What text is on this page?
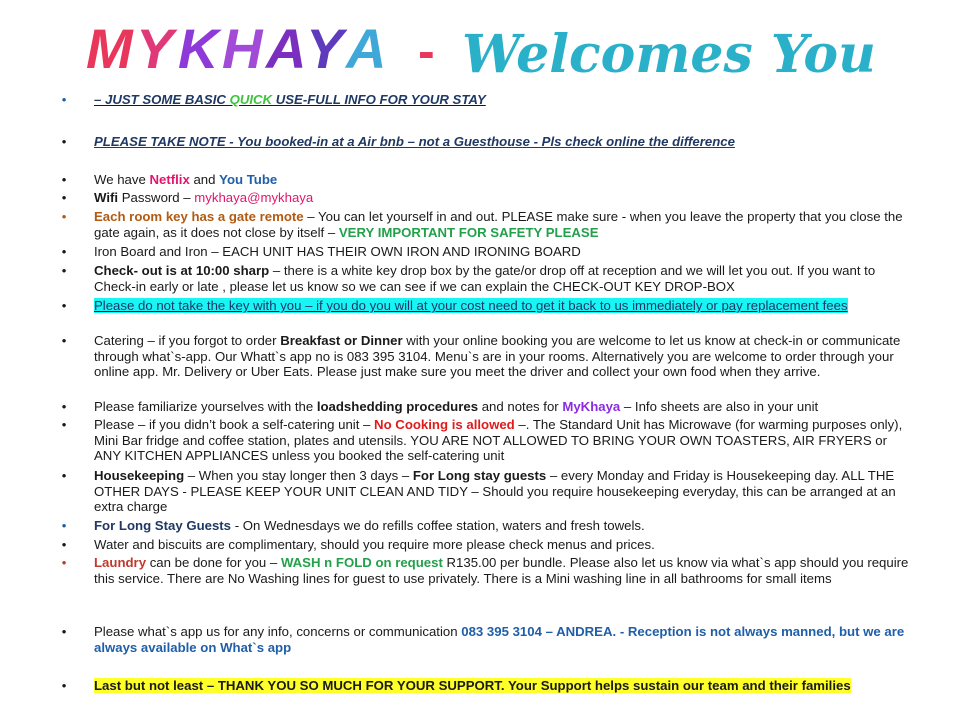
M Y K H A Y A - Welcomes You
• – JUST SOME BASIC QUICK USE-FULL INFO FOR YOUR STAY
• PLEASE TAKE NOTE - You booked-in at a Air bnb – not a Guesthouse - Pls check online the difference
• We have Netflix and You Tube
• Wifi Password – mykhaya@mykhaya
• Each room key has a gate remote – You can let yourself in and out. PLEASE make sure - when you leave the property that you close the gate again, as it does not close by itself – VERY IMPORTANT FOR SAFETY PLEASE
• Iron Board and Iron – EACH UNIT HAS THEIR OWN IRON AND IRONING BOARD
• Check- out is at 10:00 sharp – there is a white key drop box by the gate/or drop off at reception and we will let you out. If you want to Check-in early or late , please let us know so we can see if we can explain the CHECK-OUT KEY DROP-BOX
• Please do not take the key with you – if you do you will at your cost need to get it back to us immediately or pay replacement fees
• Catering – if you forgot to order Breakfast or Dinner with your online booking you are welcome to let us know at check-in or communicate through what`s-app. Our Whatt`s app no is 083 395 3104. Menu`s are in your rooms. Alternatively you are welcome to order through your online app. Mr. Delivery or Uber Eats. Please just make sure you meet the driver and collect your own food when they arrive.
• Please familiarize yourselves with the loadshedding procedures and notes for MyKhaya – Info sheets are also in your unit
• Please – if you didn’t book a self-catering unit – No Cooking is allowed –. The Standard Unit has Microwave (for warming purposes only), Mini Bar fridge and coffee station, plates and utensils. YOU ARE NOT ALLOWED TO BRING YOUR OWN TOASTERS, AIR FRYERS or ANY KITCHEN APPLIANCES unless you booked the self-catering unit
• Housekeeping – When you stay longer then 3 days – For Long stay guests – every Monday and Friday is Housekeeping day. ALL THE OTHER DAYS - PLEASE KEEP YOUR UNIT CLEAN AND TIDY – Should you require housekeeping everyday, this can be arranged at an extra charge
• For Long Stay Guests - On Wednesdays we do refills coffee station, waters and fresh towels.
• Water and biscuits are complimentary, should you require more please check menus and prices.
• Laundry can be done for you – WASH n FOLD on request R135.00 per bundle. Please also let us know via what`s app should you require this service. There are No Washing lines for guest to use privately. There is a Mini washing line in all bathrooms for small items
• Please what`s app us for any info, concerns or communication 083 395 3104 – ANDREA. - Reception is not always manned, but we are always available on What`s app
• Last but not least – THANK YOU SO MUCH FOR YOUR SUPPORT. Your Support helps sustain our team and their families
